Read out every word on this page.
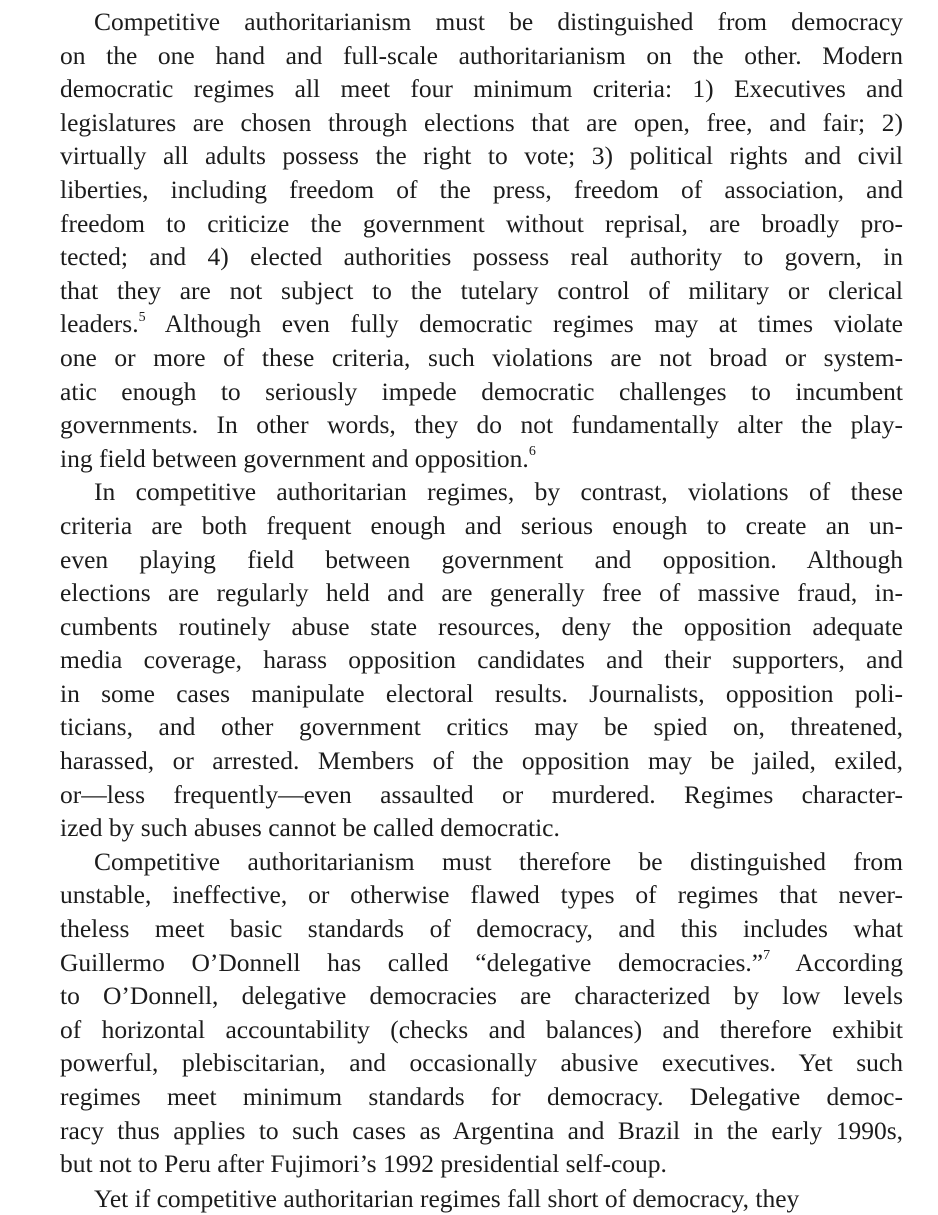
Competitive authoritarianism must be distinguished from democracy
on the one hand and full-scale authoritarianism on the other. Modern
democratic regimes all meet four minimum criteria: 1) Executives and
legislatures are chosen through elections that are open, free, and fair; 2)
virtually all adults possess the right to vote; 3) political rights and civil
liberties, including freedom of the press, freedom of association, and
freedom to criticize the government without reprisal, are broadly pro-
tected; and 4) elected authorities possess real authority to govern, in
that they are not subject to the tutelary control of military or clerical
leaders.$^5$ Although even fully democratic regimes may at times violate
one or more of these criteria, such violations are not broad or system-
atic enough to seriously impede democratic challenges to incumbent
governments. In other words, they do not fundamentally alter the play-
ing field between government and opposition.$^6$
In competitive authoritarian regimes, by contrast, violations of these
criteria are both frequent enough and serious enough to create an un-
even playing field between government and opposition. Although
elections are regularly held and are generally free of massive fraud, in-
cumbents routinely abuse state resources, deny the opposition adequate
media coverage, harass opposition candidates and their supporters, and
in some cases manipulate electoral results. Journalists, opposition poli-
ticians, and other government critics may be spied on, threatened,
harassed, or arrested. Members of the opposition may be jailed, exiled,
or—less frequently—even assaulted or murdered. Regimes character-
ized by such abuses cannot be called democratic.
Competitive authoritarianism must therefore be distinguished from
unstable, ineffective, or otherwise flawed types of regimes that never-
theless meet basic standards of democracy, and this includes what
Guillermo O’Donnell has called “delegative democracies.”$^7$ According
to O’Donnell, delegative democracies are characterized by low levels
of horizontal accountability (checks and balances) and therefore exhibit
powerful, plebiscitarian, and occasionally abusive executives. Yet such
regimes meet minimum standards for democracy. Delegative democ-
racy thus applies to such cases as Argentina and Brazil in the early 1990s,
but not to Peru after Fujimori’s 1992 presidential self-coup.
Yet if competitive authoritarian regimes fall short of democracy, they
